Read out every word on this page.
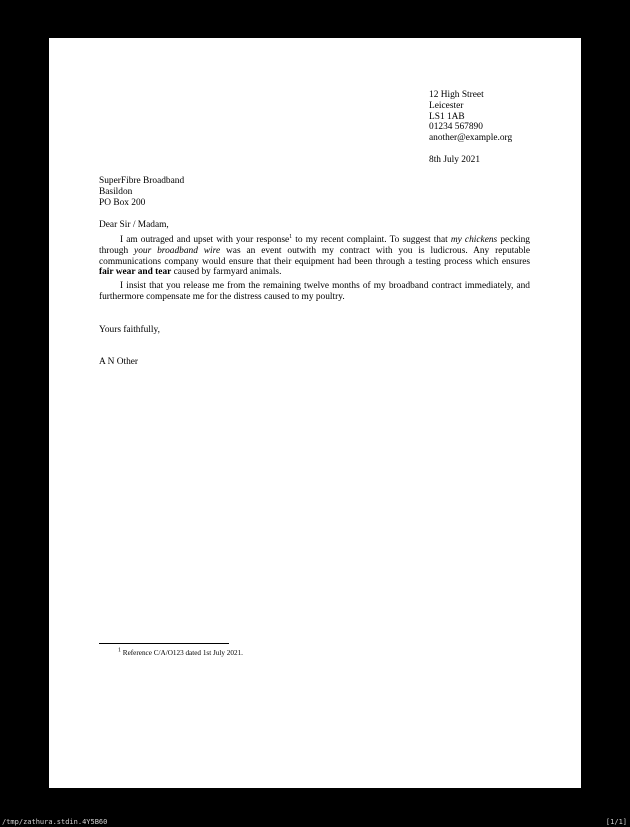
12 High Street
Leicester
LS1 1AB
01234 567890
another@example.org
8th July 2021
SuperFibre Broadband
Basildon
PO Box 200
Dear Sir / Madam,

I am outraged and upset with your response$^1$ to my recent complaint. To suggest that my chickens pecking through your broadband wire was an event outwith my contract with you is ludicrous. Any reputable communications company would ensure that their equipment had been through a testing process which ensures fair wear and tear caused by farmyard animals.

I insist that you release me from the remaining twelve months of my broadband contract immediately, and furthermore compensate me for the distress caused to my poultry.

Yours faithfully,
A N Other
$^1$ Reference C/A/O123 dated 1st July 2021.
/tmp/zathura.stdin.4Y5B60	[1/1]
